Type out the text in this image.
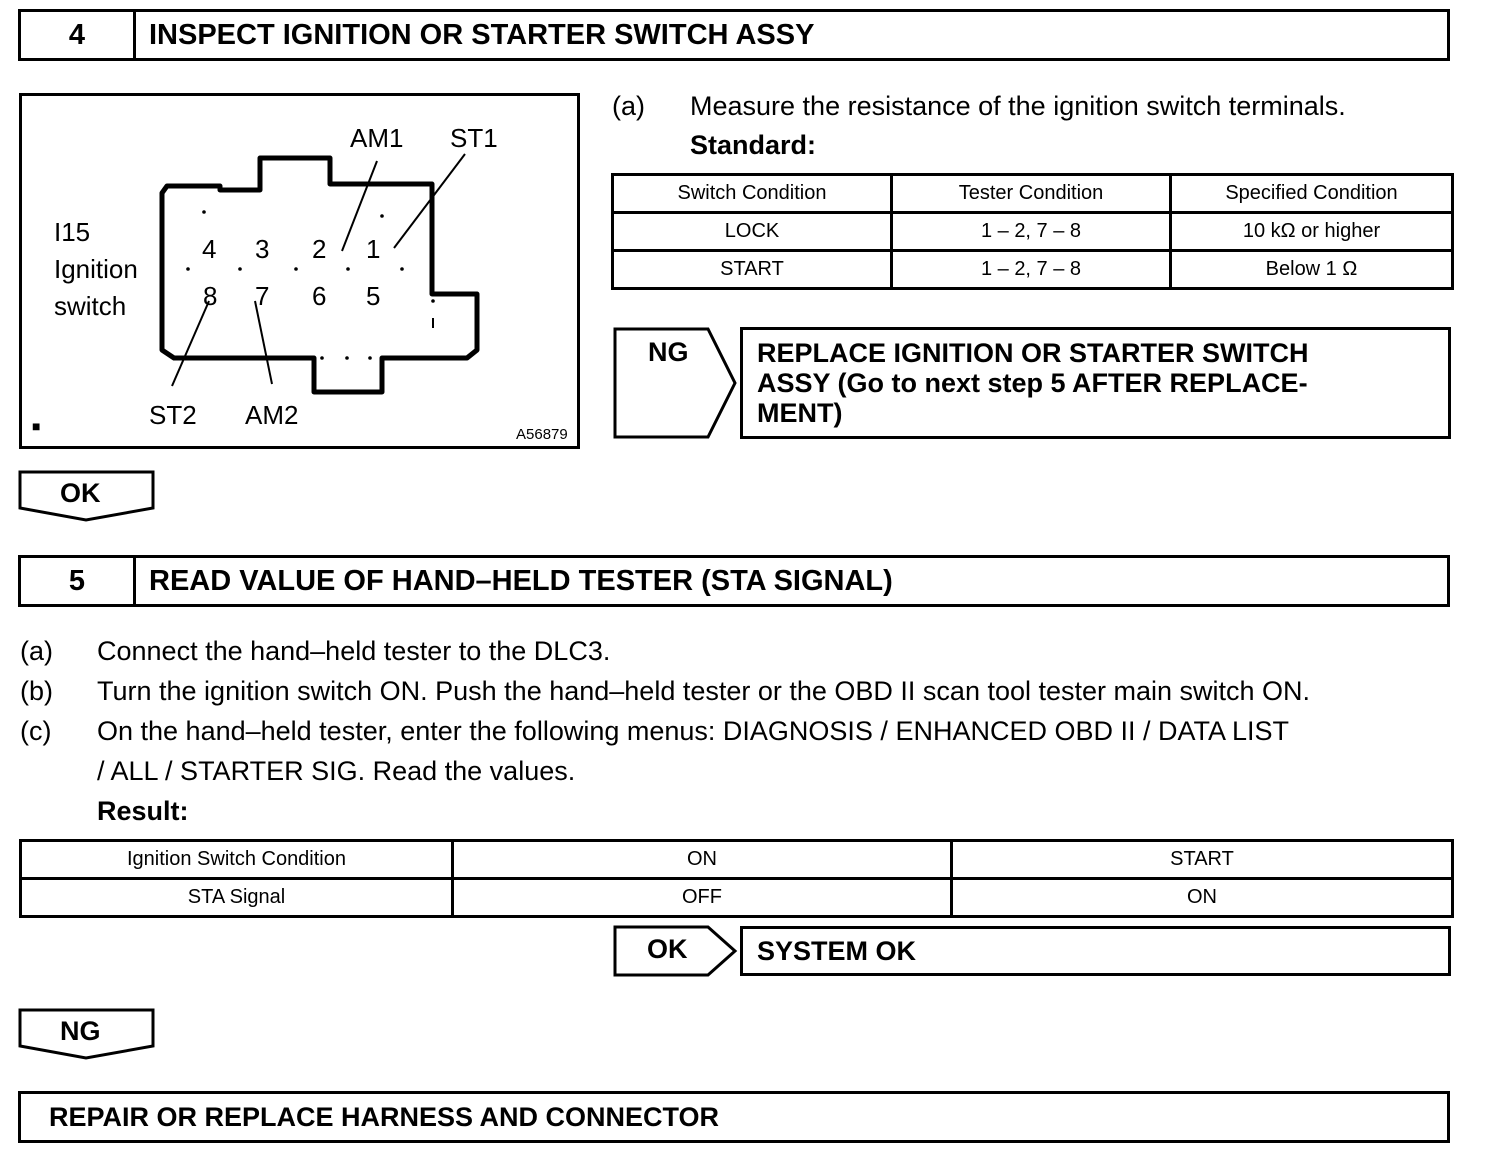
4	INSPECT IGNITION OR STARTER SWITCH ASSY
I15
Ignition
switch
4 3 2 1
8 7 6 5
AM1 ST1
ST2 AM2
■	A56879
(a) Measure the resistance of the ignition switch terminals.
Standard:
Switch Condition	Tester Condition	Specified Condition
LOCK	1 – 2, 7 – 8	10 kΩ or higher
START	1 – 2, 7 – 8	Below 1 Ω
NG	REPLACE IGNITION OR STARTER SWITCH
ASSY (Go to next step 5 AFTER REPLACE-
MENT)
OK
5	READ VALUE OF HAND–HELD TESTER (STA SIGNAL)
(a) Connect the hand–held tester to the DLC3.
(b) Turn the ignition switch ON. Push the hand–held tester or the OBD II scan tool tester main switch ON.
(c) On the hand–held tester, enter the following menus: DIAGNOSIS / ENHANCED OBD II / DATA LIST
/ ALL / STARTER SIG. Read the values.
Result:
Ignition Switch Condition	ON	START
STA Signal	OFF	ON
OK	SYSTEM OK
NG
REPAIR OR REPLACE HARNESS AND CONNECTOR
